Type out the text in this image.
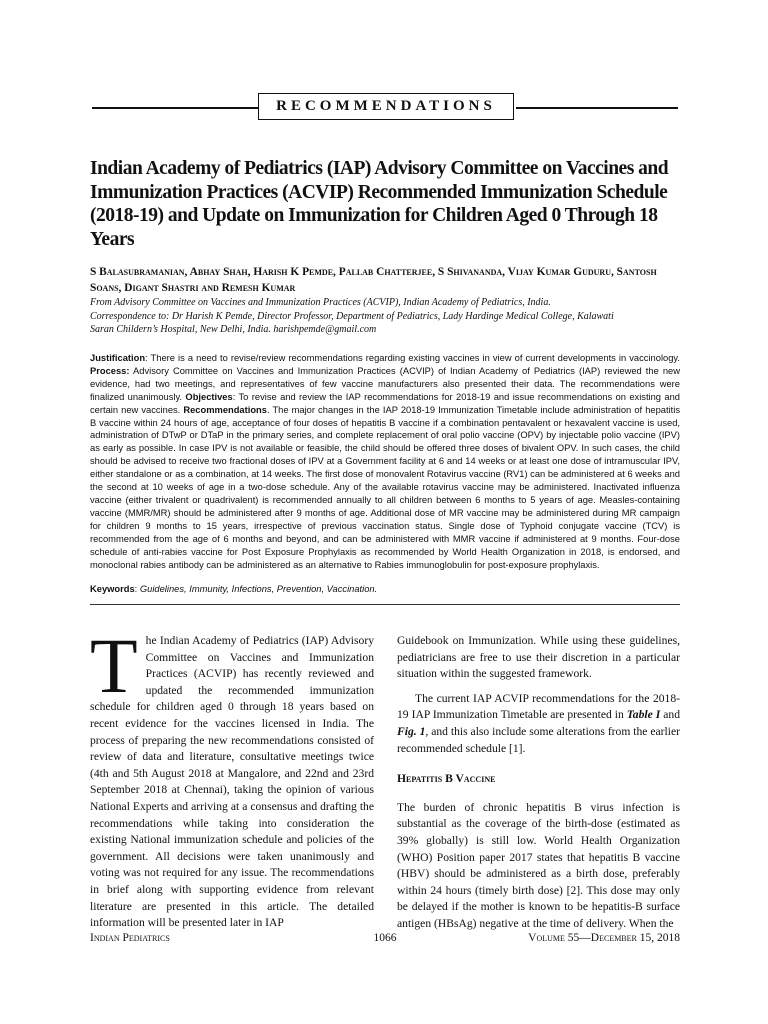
RECOMMENDATIONS
Indian Academy of Pediatrics (IAP) Advisory Committee on Vaccines and Immunization Practices (ACVIP) Recommended Immunization Schedule (2018-19) and Update on Immunization for Children Aged 0 Through 18 Years

S Balasubramanian, Abhay Shah, Harish K Pemde, Pallab Chatterjee, S Shivananda, Vijay Kumar Guduru, Santosh Soans, Digant Shastri and Remesh Kumar

From Advisory Committee on Vaccines and Immunization Practices (ACVIP), Indian Academy of Pediatrics, India.
Correspondence to: Dr Harish K Pemde, Director Professor, Department of Pediatrics, Lady Hardinge Medical College, Kalawati
Saran Childern’s Hospital, New Delhi, India. harishpemde@gmail.com

Justification: There is a need to revise/review recommendations regarding existing vaccines in view of current developments in vaccinology. Process: Advisory Committee on Vaccines and Immunization Practices (ACVIP) of Indian Academy of Pediatrics (IAP) reviewed the new evidence, had two meetings, and representatives of few vaccine manufacturers also presented their data. The recommendations were finalized unanimously. Objectives: To revise and review the IAP recommendations for 2018-19 and issue recommendations on existing and certain new vaccines. Recommendations. The major changes in the IAP 2018-19 Immunization Timetable include administration of hepatitis B vaccine within 24 hours of age, acceptance of four doses of hepatitis B vaccine if a combination pentavalent or hexavalent vaccine is used, administration of DTwP or DTaP in the primary series, and complete replacement of oral polio vaccine (OPV) by injectable polio vaccine (IPV) as early as possible. In case IPV is not available or feasible, the child should be offered three doses of bivalent OPV. In such cases, the child should be advised to receive two fractional doses of IPV at a Government facility at 6 and 14 weeks or at least one dose of intramuscular IPV, either standalone or as a combination, at 14 weeks. The first dose of monovalent Rotavirus vaccine (RV1) can be administered at 6 weeks and the second at 10 weeks of age in a two-dose schedule. Any of the available rotavirus vaccine may be administered. Inactivated influenza vaccine (either trivalent or quadrivalent) is recommended annually to all children between 6 months to 5 years of age. Measles-containing vaccine (MMR/MR) should be administered after 9 months of age. Additional dose of MR vaccine may be administered during MR campaign for children 9 months to 15 years, irrespective of previous vaccination status. Single dose of Typhoid conjugate vaccine (TCV) is recommended from the age of 6 months and beyond, and can be administered with MMR vaccine if administered at 9 months. Four-dose schedule of anti-rabies vaccine for Post Exposure Prophylaxis as recommended by World Health Organization in 2018, is endorsed, and monoclonal rabies antibody can be administered as an alternative to Rabies immunoglobulin for post-exposure prophylaxis.

Keywords: Guidelines, Immunity, Infections, Prevention, Vaccination.

The Indian Academy of Pediatrics (IAP) Advisory Committee on Vaccines and Immunization Practices (ACVIP) has recently reviewed and updated the recommended immunization schedule for children aged 0 through 18 years based on recent evidence for the vaccines licensed in India. The process of preparing the new recommendations consisted of review of data and literature, consultative meetings twice (4th and 5th August 2018 at Mangalore, and 22nd and 23rd September 2018 at Chennai), taking the opinion of various National Experts and arriving at a consensus and drafting the recommendations while taking into consideration the existing National immunization schedule and policies of the government. All decisions were taken unanimously and voting was not required for any issue. The recommendations in brief along with supporting evidence from relevant literature are presented in this article. The detailed information will be presented later in IAP

Guidebook on Immunization. While using these guidelines, pediatricians are free to use their discretion in a particular situation within the suggested framework.

The current IAP ACVIP recommendations for the 2018-19 IAP Immunization Timetable are presented in Table I and Fig. 1, and this also include some alterations from the earlier recommended schedule [1].

Hepatitis B Vaccine

The burden of chronic hepatitis B virus infection is substantial as the coverage of the birth-dose (estimated as 39% globally) is still low. World Health Organization (WHO) Position paper 2017 states that hepatitis B vaccine (HBV) should be administered as a birth dose, preferably within 24 hours (timely birth dose) [2]. This dose may only be delayed if the mother is known to be hepatitis-B surface antigen (HBsAg) negative at the time of delivery. When the

1066
Indian Pediatrics	Volume 55—December 15, 2018
